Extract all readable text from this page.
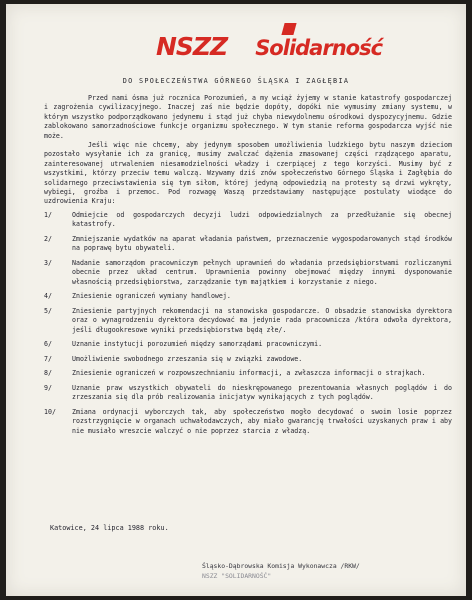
NSZZ Solidarność
DO SPOŁECZEŃSTWA GÓRNEGO ŚLĄSKA I ZAGŁĘBIA

Przed nami ósma już rocznica Porozumień, a my wciąż żyjemy w stanie katastrofy gospodarczej i zagrożenia cywilizacyjnego. Inaczej zaś nie będzie dopóty, dopóki nie wymusimy zmiany systemu, w którym wszystko podporządkowano jedynemu i stąd już chyba niewydolnemu ośrodkowi dyspozycyjnemu. Gdzie zablokowano samorzadnościowe funkcje organizmu społecznego. W tym stanie reforma gospodarcza wyjść nie może.

Jeśli więc nie chcemy, aby jedynym sposobem umożliwienia ludzkiego bytu naszym dzieciom pozostało wysyłanie ich za granicę, musimy zwalczać dążenia zmasowanej części rządzącego aparatu, zainteresowanej utrwaleniem niesamodzielności władzy i czerpiącej z tego korzyści. Musimy być z wszystkimi, którzy przeciw temu walczą. Wzywamy dziś znów społeczeństwo Górnego Śląska i Zagłębia do solidarnego przeciwstawienia się tym siłom, której jedyną odpowiedzią na protesty są drzwi wykręty, wybiegi, groźba i przemoc. Pod rozwagę Waszą przedstawiamy następujące postulaty wiodące do uzdrowienia Kraju:

1/	Odmiejcie od gospodarczych decyzji ludzi odpowiedzialnych za przedłużanie się obecnej katastrofy.
2/	Zmniejszanie wydatków na aparat władania państwem, przeznaczenie wygospodarowanych stąd środków na poprawę bytu obywateli.
3/	Nadanie samorządom pracowniczym pełnych uprawnień do władania przedsiębiorstwami rozliczanymi obecnie przez układ centrum. Uprawnienia powinny obejmować między innymi dysponowanie własnością przedsiębiorstwa, zarządzanie tym majątkiem i korzystanie z niego.
4/	Zniesienie ograniczeń wymiany handlowej.
5/	Zniesienie partyjnych rekomendacji na stanowiska gospodarcze. O obsadzie stanowiska dyrektora oraz o wynagrodzeniu dyrektora decydować ma jedynie rada pracownicza /która odwoła dyrektora, jeśli długookresowe wyniki przedsiębiorstwa będą złe/.
6/	Uznanie instytucji porozumień między samorządami pracowniczymi.
7/	Umożliwienie swobodnego zrzeszania się w związki zawodowe.
8/	Zniesienie ograniczeń w rozpowszechnianiu informacji, a zwłaszcza informacji o strajkach.
9/	Uznanie praw wszystkich obywateli do nieskrępowanego prezentowania własnych poglądów i do zrzeszania się dla prób realizowania inicjatyw wynikających z tych poglądów.
10/	Zmiana ordynacji wyborczych tak, aby społeczeństwo mogło decydować o swoim losie poprzez rozstrzygnięcie w organach uchwałodawczych, aby miało gwarancję trwałości uzyskanych praw i aby nie musiało wreszcie walczyć o nie poprzez starcia z władzą.
Katowice, 24 lipca 1988 roku.
Śląsko-Dąbrowska Komisja Wykonawcza /RKW/
NSZZ "SOLIDARNOŚĆ"
